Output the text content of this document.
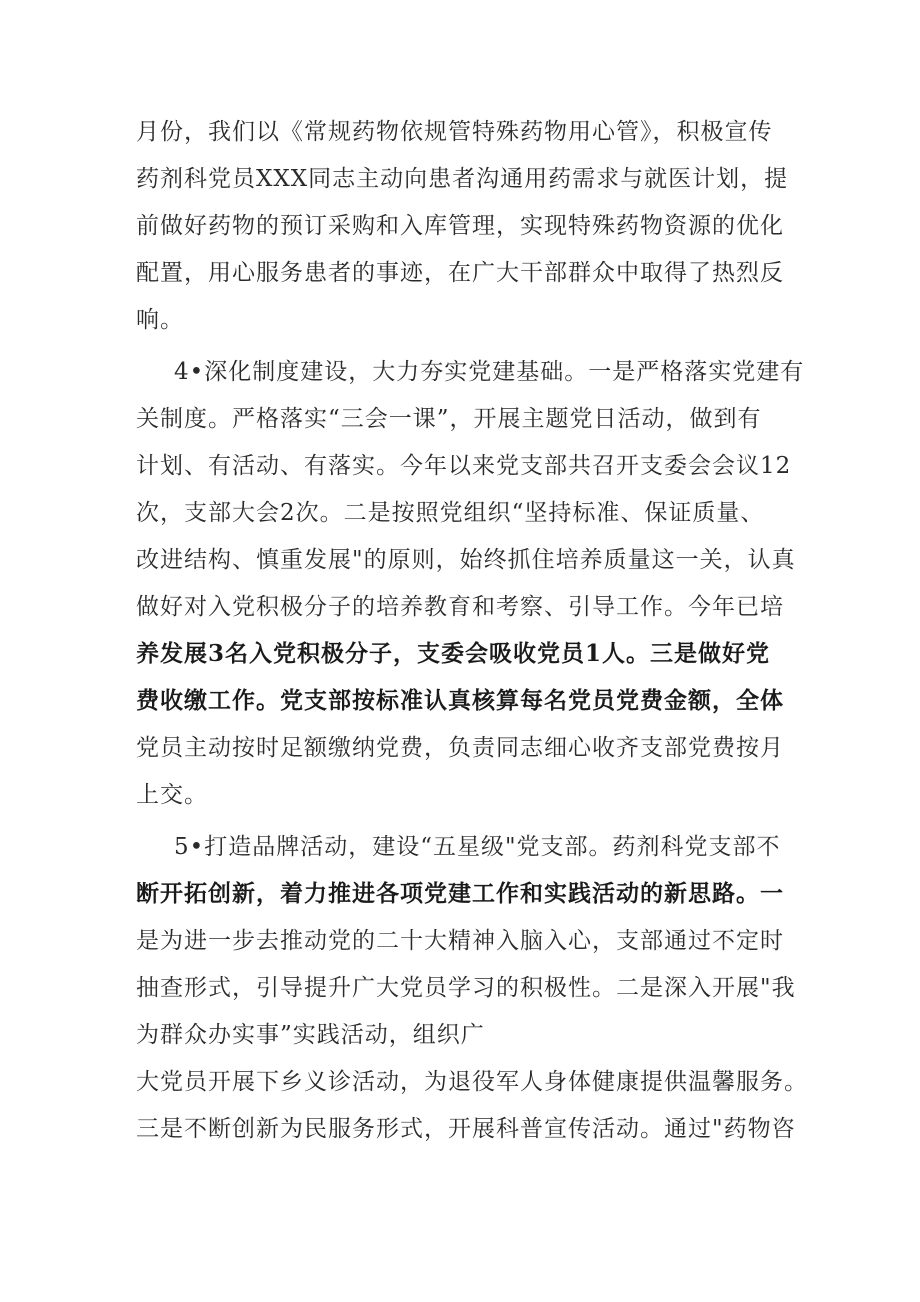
月份，我们以《常规药物依规管特殊药物用心管》，积极宣传
药剂科党员XXX同志主动向患者沟通用药需求与就医计划，提
前做好药物的预订采购和入库管理，实现特殊药物资源的优化
配置，用心服务患者的事迹，在广大干部群众中取得了热烈反
响。
4•深化制度建设，大力夯实党建基础。一是严格落实党建有
关制度。严格落实“三会一课”，开展主题党日活动，做到有
计划、有活动、有落实。今年以来党支部共召开支委会会议12
次，支部大会2次。二是按照党组织“坚持标准、保证质量、
改进结构、慎重发展"的原则，始终抓住培养质量这一关，认真
做好对入党积极分子的培养教育和考察、引导工作。今年已培
养发展3名入党积极分子，支委会吸收党员1人。三是做好党
费收缴工作。党支部按标准认真核算每名党员党费金额，全体
党员主动按时足额缴纳党费，负责同志细心收齐支部党费按月
上交。
5•打造品牌活动，建设“五星级"党支部。药剂科党支部不
断开拓创新，着力推进各项党建工作和实践活动的新思路。一
是为进一步去推动党的二十大精神入脑入心，支部通过不定时
抽查形式，引导提升广大党员学习的积极性。二是深入开展"我
为群众办实事”实践活动，组织广
大党员开展下乡义诊活动，为退役军人身体健康提供温馨服务。
三是不断创新为民服务形式，开展科普宣传活动。通过"药物咨
